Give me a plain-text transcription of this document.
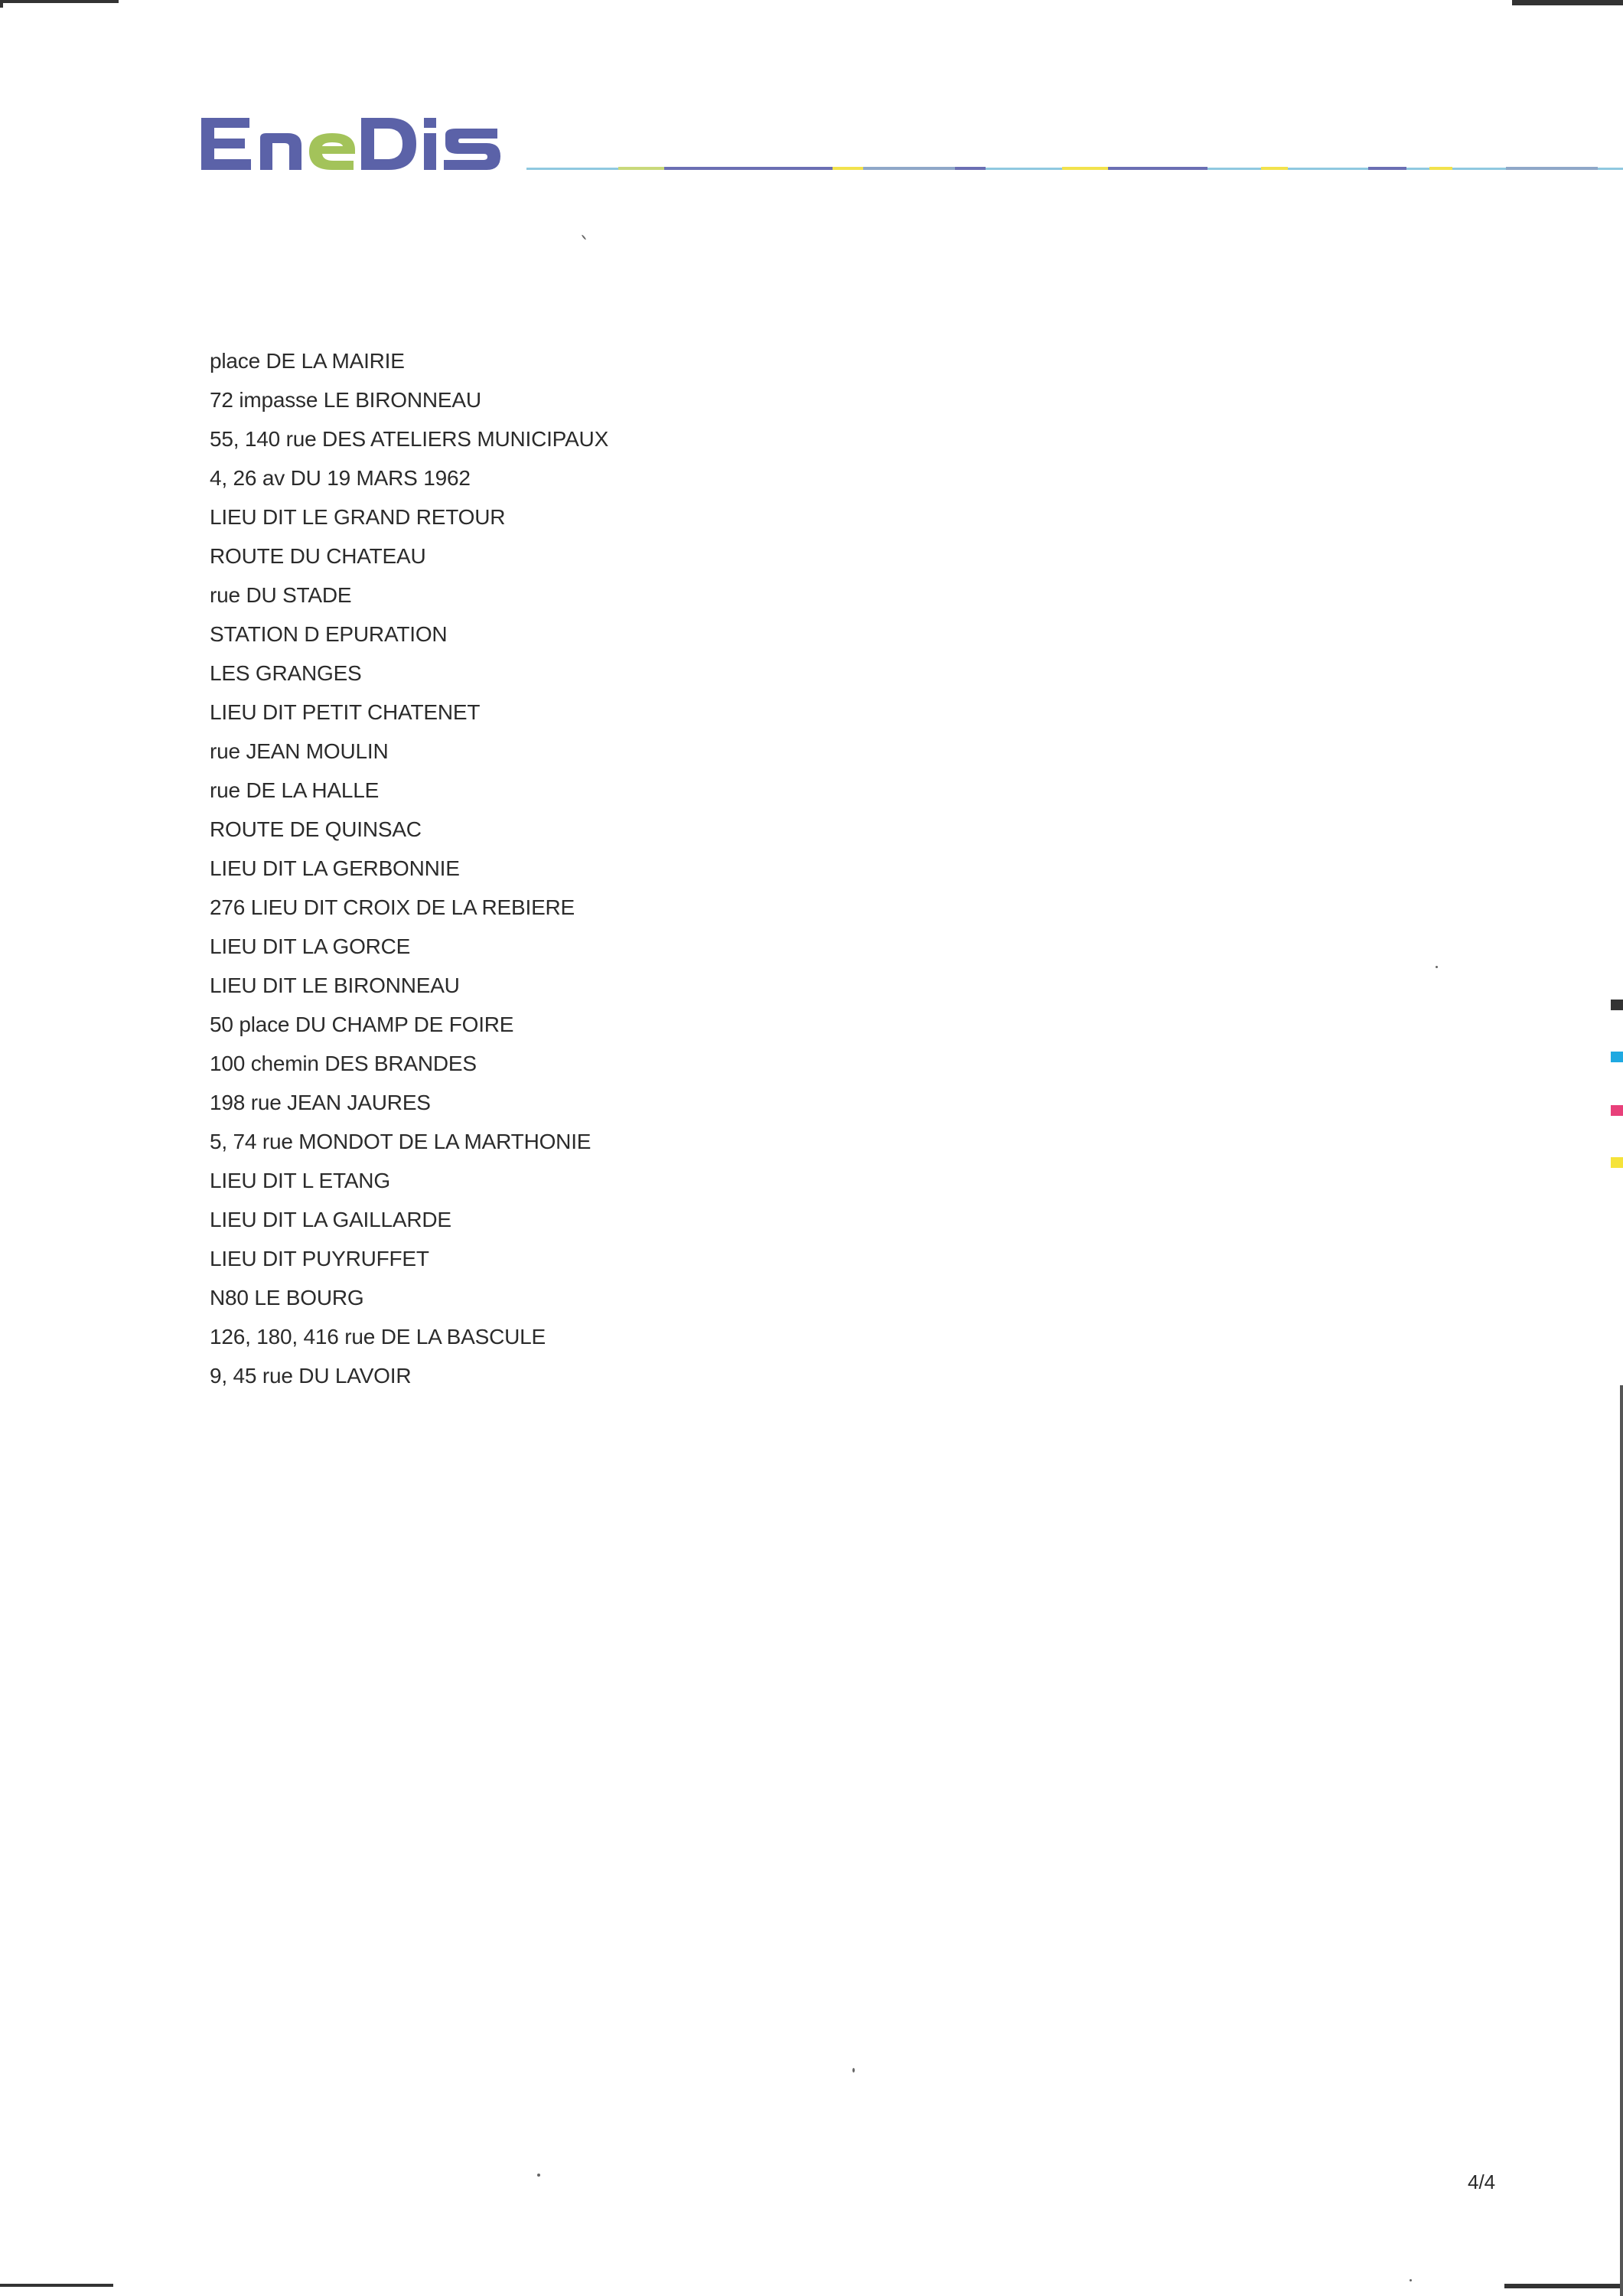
place DE LA MAIRIE
72 impasse LE BIRONNEAU
55, 140 rue DES ATELIERS MUNICIPAUX
4, 26 av DU 19 MARS 1962
LIEU DIT LE GRAND RETOUR
ROUTE DU CHATEAU
rue DU STADE
STATION D EPURATION
LES GRANGES
LIEU DIT PETIT CHATENET
rue JEAN MOULIN
rue DE LA HALLE
ROUTE DE QUINSAC
LIEU DIT LA GERBONNIE
276 LIEU DIT CROIX DE LA REBIERE
LIEU DIT LA GORCE
LIEU DIT LE BIRONNEAU
50 place DU CHAMP DE FOIRE
100 chemin DES BRANDES
198 rue JEAN JAURES
5, 74 rue MONDOT DE LA MARTHONIE
LIEU DIT L ETANG
LIEU DIT LA GAILLARDE
LIEU DIT PUYRUFFET
N80 LE BOURG
126, 180, 416 rue DE LA BASCULE
9, 45 rue DU LAVOIR
4/4
